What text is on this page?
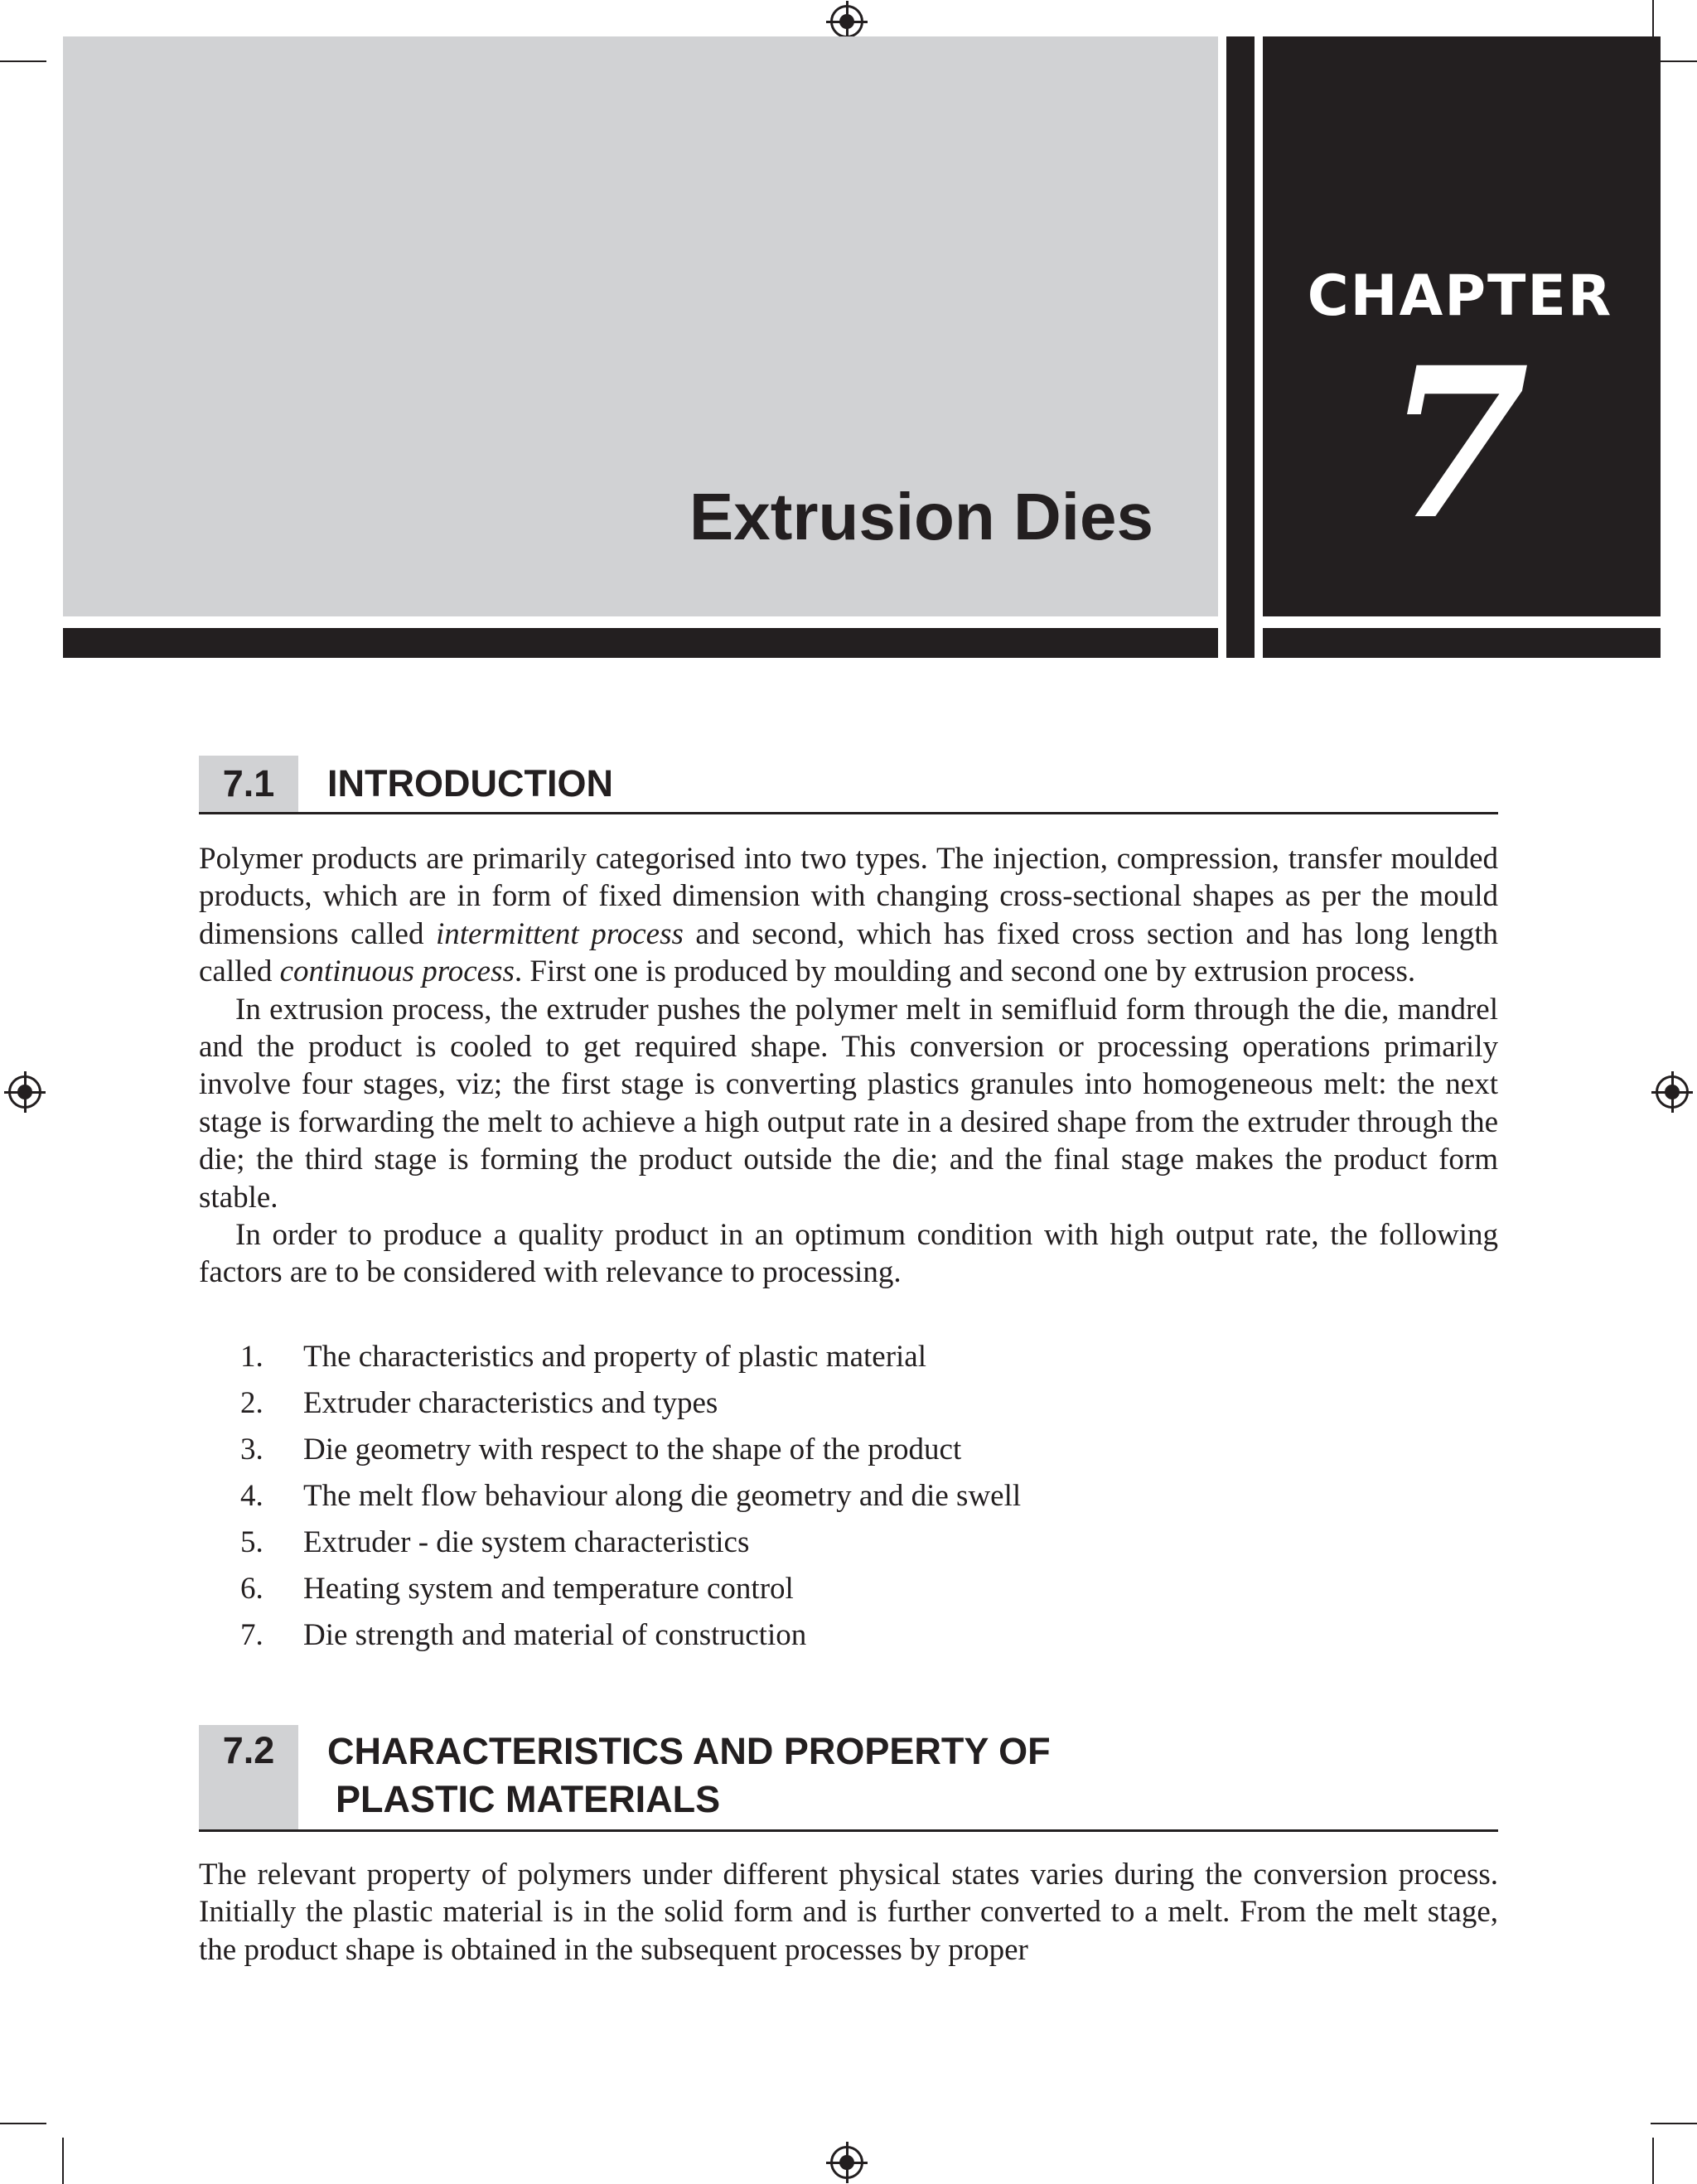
CHAPTER
7
Extrusion Dies
7.1	INTRODUCTION

Polymer products are primarily categorised into two types. The injection, compression, transfer moulded products, which are in form of fixed dimension with changing cross-sectional shapes as per the mould dimensions called intermittent process and second, which has fixed cross section and has long length called continuous process. First one is produced by moulding and second one by extrusion process.

In extrusion process, the extruder pushes the polymer melt in semifluid form through the die, mandrel and the product is cooled to get required shape. This conversion or processing operations primarily involve four stages, viz; the first stage is converting plastics granules into homogeneous melt: the next stage is forwarding the melt to achieve a high output rate in a desired shape from the extruder through the die; the third stage is forming the product outside the die; and the final stage makes the product form stable.

In order to produce a quality product in an optimum condition with high output rate, the following factors are to be considered with relevance to processing.

1. The characteristics and property of plastic material
2. Extruder characteristics and types
3. Die geometry with respect to the shape of the product
4. The melt flow behaviour along die geometry and die swell
5. Extruder - die system characteristics
6. Heating system and temperature control
7. Die strength and material of construction
7.2	CHARACTERISTICS AND PROPERTY OF
PLASTIC MATERIALS

The relevant property of polymers under different physical states varies during the conversion process. Initially the plastic material is in the solid form and is further converted to a melt. From the melt stage, the product shape is obtained in the subsequent processes by proper
